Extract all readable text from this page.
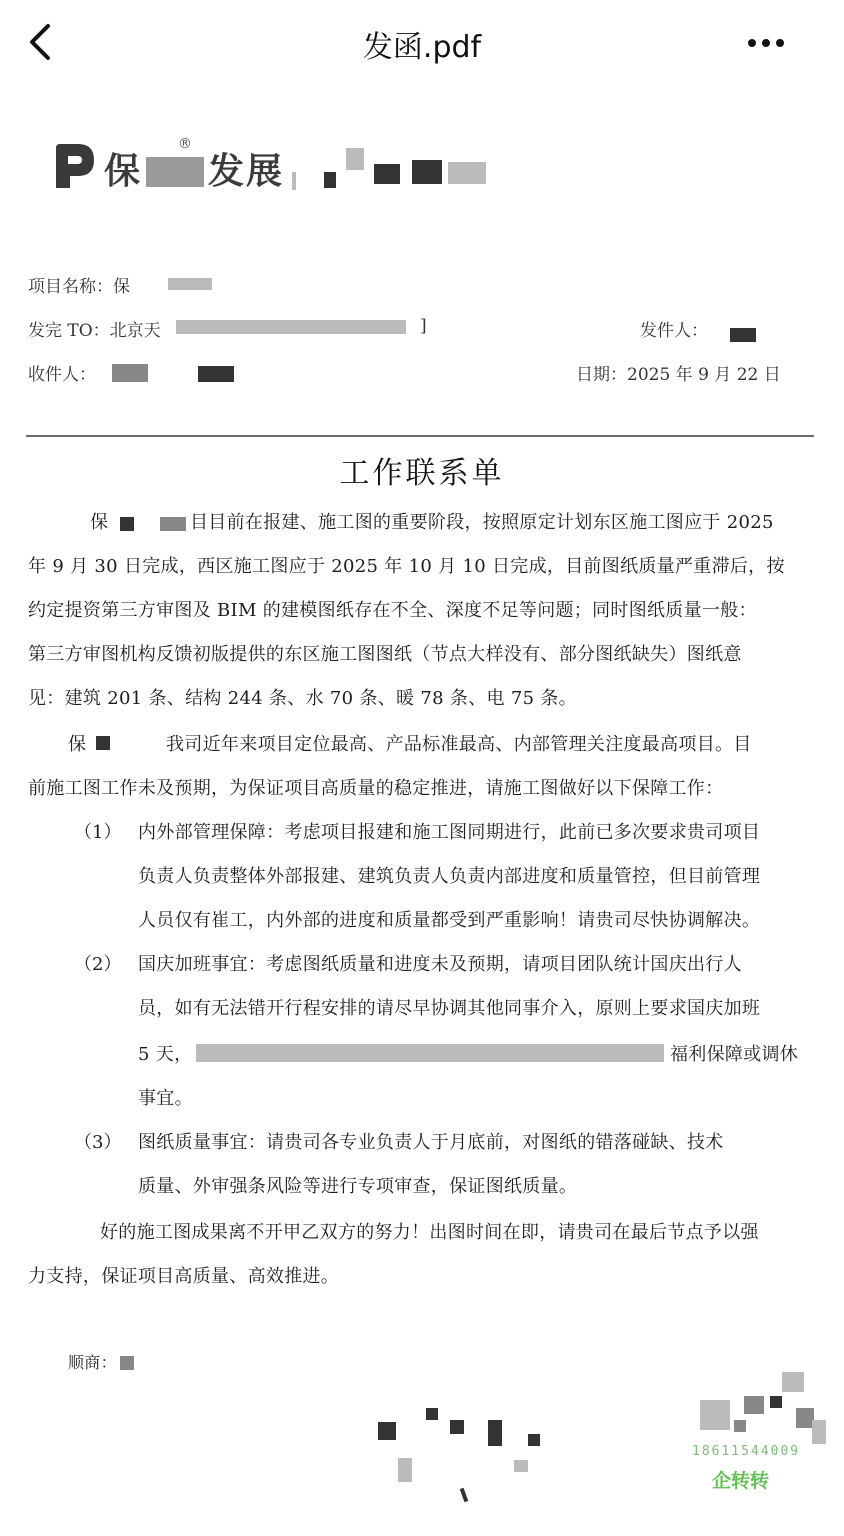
发函.pdf
保 发展
®
项目名称：保
发完 TO：北京天	]	发件人：
收件人：	日期：2025 年 9 月 22 日
工作联系单
保	目目前在报建、施工图的重要阶段，按照原定计划东区施工图应于 2025
年 9 月 30 日完成，西区施工图应于 2025 年 10 月 10 日完成，目前图纸质量严重滞后，按
约定提资第三方审图及 BIM 的建模图纸存在不全、深度不足等问题；同时图纸质量一般：
第三方审图机构反馈初版提供的东区施工图图纸（节点大样没有、部分图纸缺失）图纸意
见：建筑 201 条、结构 244 条、水 70 条、暖 78 条、电 75 条。
保	我司近年来项目定位最高、产品标准最高、内部管理关注度最高项目。目
前施工图工作未及预期，为保证项目高质量的稳定推进，请施工图做好以下保障工作：
（1） 内外部管理保障：考虑项目报建和施工图同期进行，此前已多次要求贵司项目
负责人负责整体外部报建、建筑负责人负责内部进度和质量管控，但目前管理
人员仅有崔工，内外部的进度和质量都受到严重影响！请贵司尽快协调解决。
（2） 国庆加班事宜：考虑图纸质量和进度未及预期，请项目团队统计国庆出行人
员，如有无法错开行程安排的请尽早协调其他同事介入，原则上要求国庆加班
5 天，	福利保障或调休
事宜。
（3） 图纸质量事宜：请贵司各专业负责人于月底前，对图纸的错落碰缺、技术
质量、外审强条风险等进行专项审查，保证图纸质量。
好的施工图成果离不开甲乙双方的努力！出图时间在即，请贵司在最后节点予以强
力支持，保证项目高质量、高效推进。
顺商：
18611544009
企转转
